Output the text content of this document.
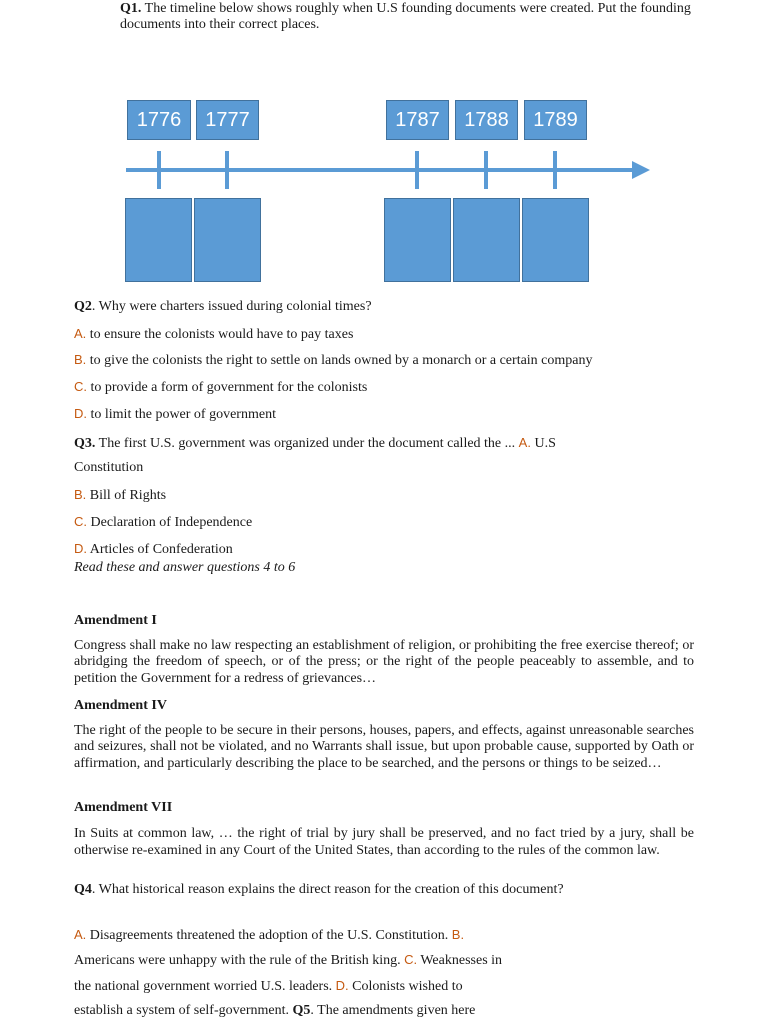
Q1. The timeline below shows roughly when U.S founding documents were created. Put the founding documents into their correct places.
1776	1777	1787	1788	1789
Q2. Why were charters issued during colonial times?
A. to ensure the colonists would have to pay taxes
B. to give the colonists the right to settle on lands owned by a monarch or a certain company
C. to provide a form of government for the colonists
D. to limit the power of government
Q3. The first U.S. government was organized under the document called the ... A. U.S
Constitution
B. Bill of Rights
C. Declaration of Independence
D. Articles of Confederation
Read these and answer questions 4 to 6
Amendment I
Congress shall make no law respecting an establishment of religion, or prohibiting the free exercise thereof; or abridging the freedom of speech, or of the press; or the right of the people peaceably to assemble, and to petition the Government for a redress of grievances…
Amendment IV
The right of the people to be secure in their persons, houses, papers, and effects, against unreasonable searches and seizures, shall not be violated, and no Warrants shall issue, but upon probable cause, supported by Oath or affirmation, and particularly describing the place to be searched, and the persons or things to be seized…
Amendment VII
In Suits at common law, … the right of trial by jury shall be preserved, and no fact tried by a jury, shall be otherwise re-examined in any Court of the United States, than according to the rules of the common law.
Q4. What historical reason explains the direct reason for the creation of this document?
A. Disagreements threatened the adoption of the U.S. Constitution. B.
Americans were unhappy with the rule of the British king. C. Weaknesses in
the national government worried U.S. leaders. D. Colonists wished to
establish a system of self-government. Q5. The amendments given here
